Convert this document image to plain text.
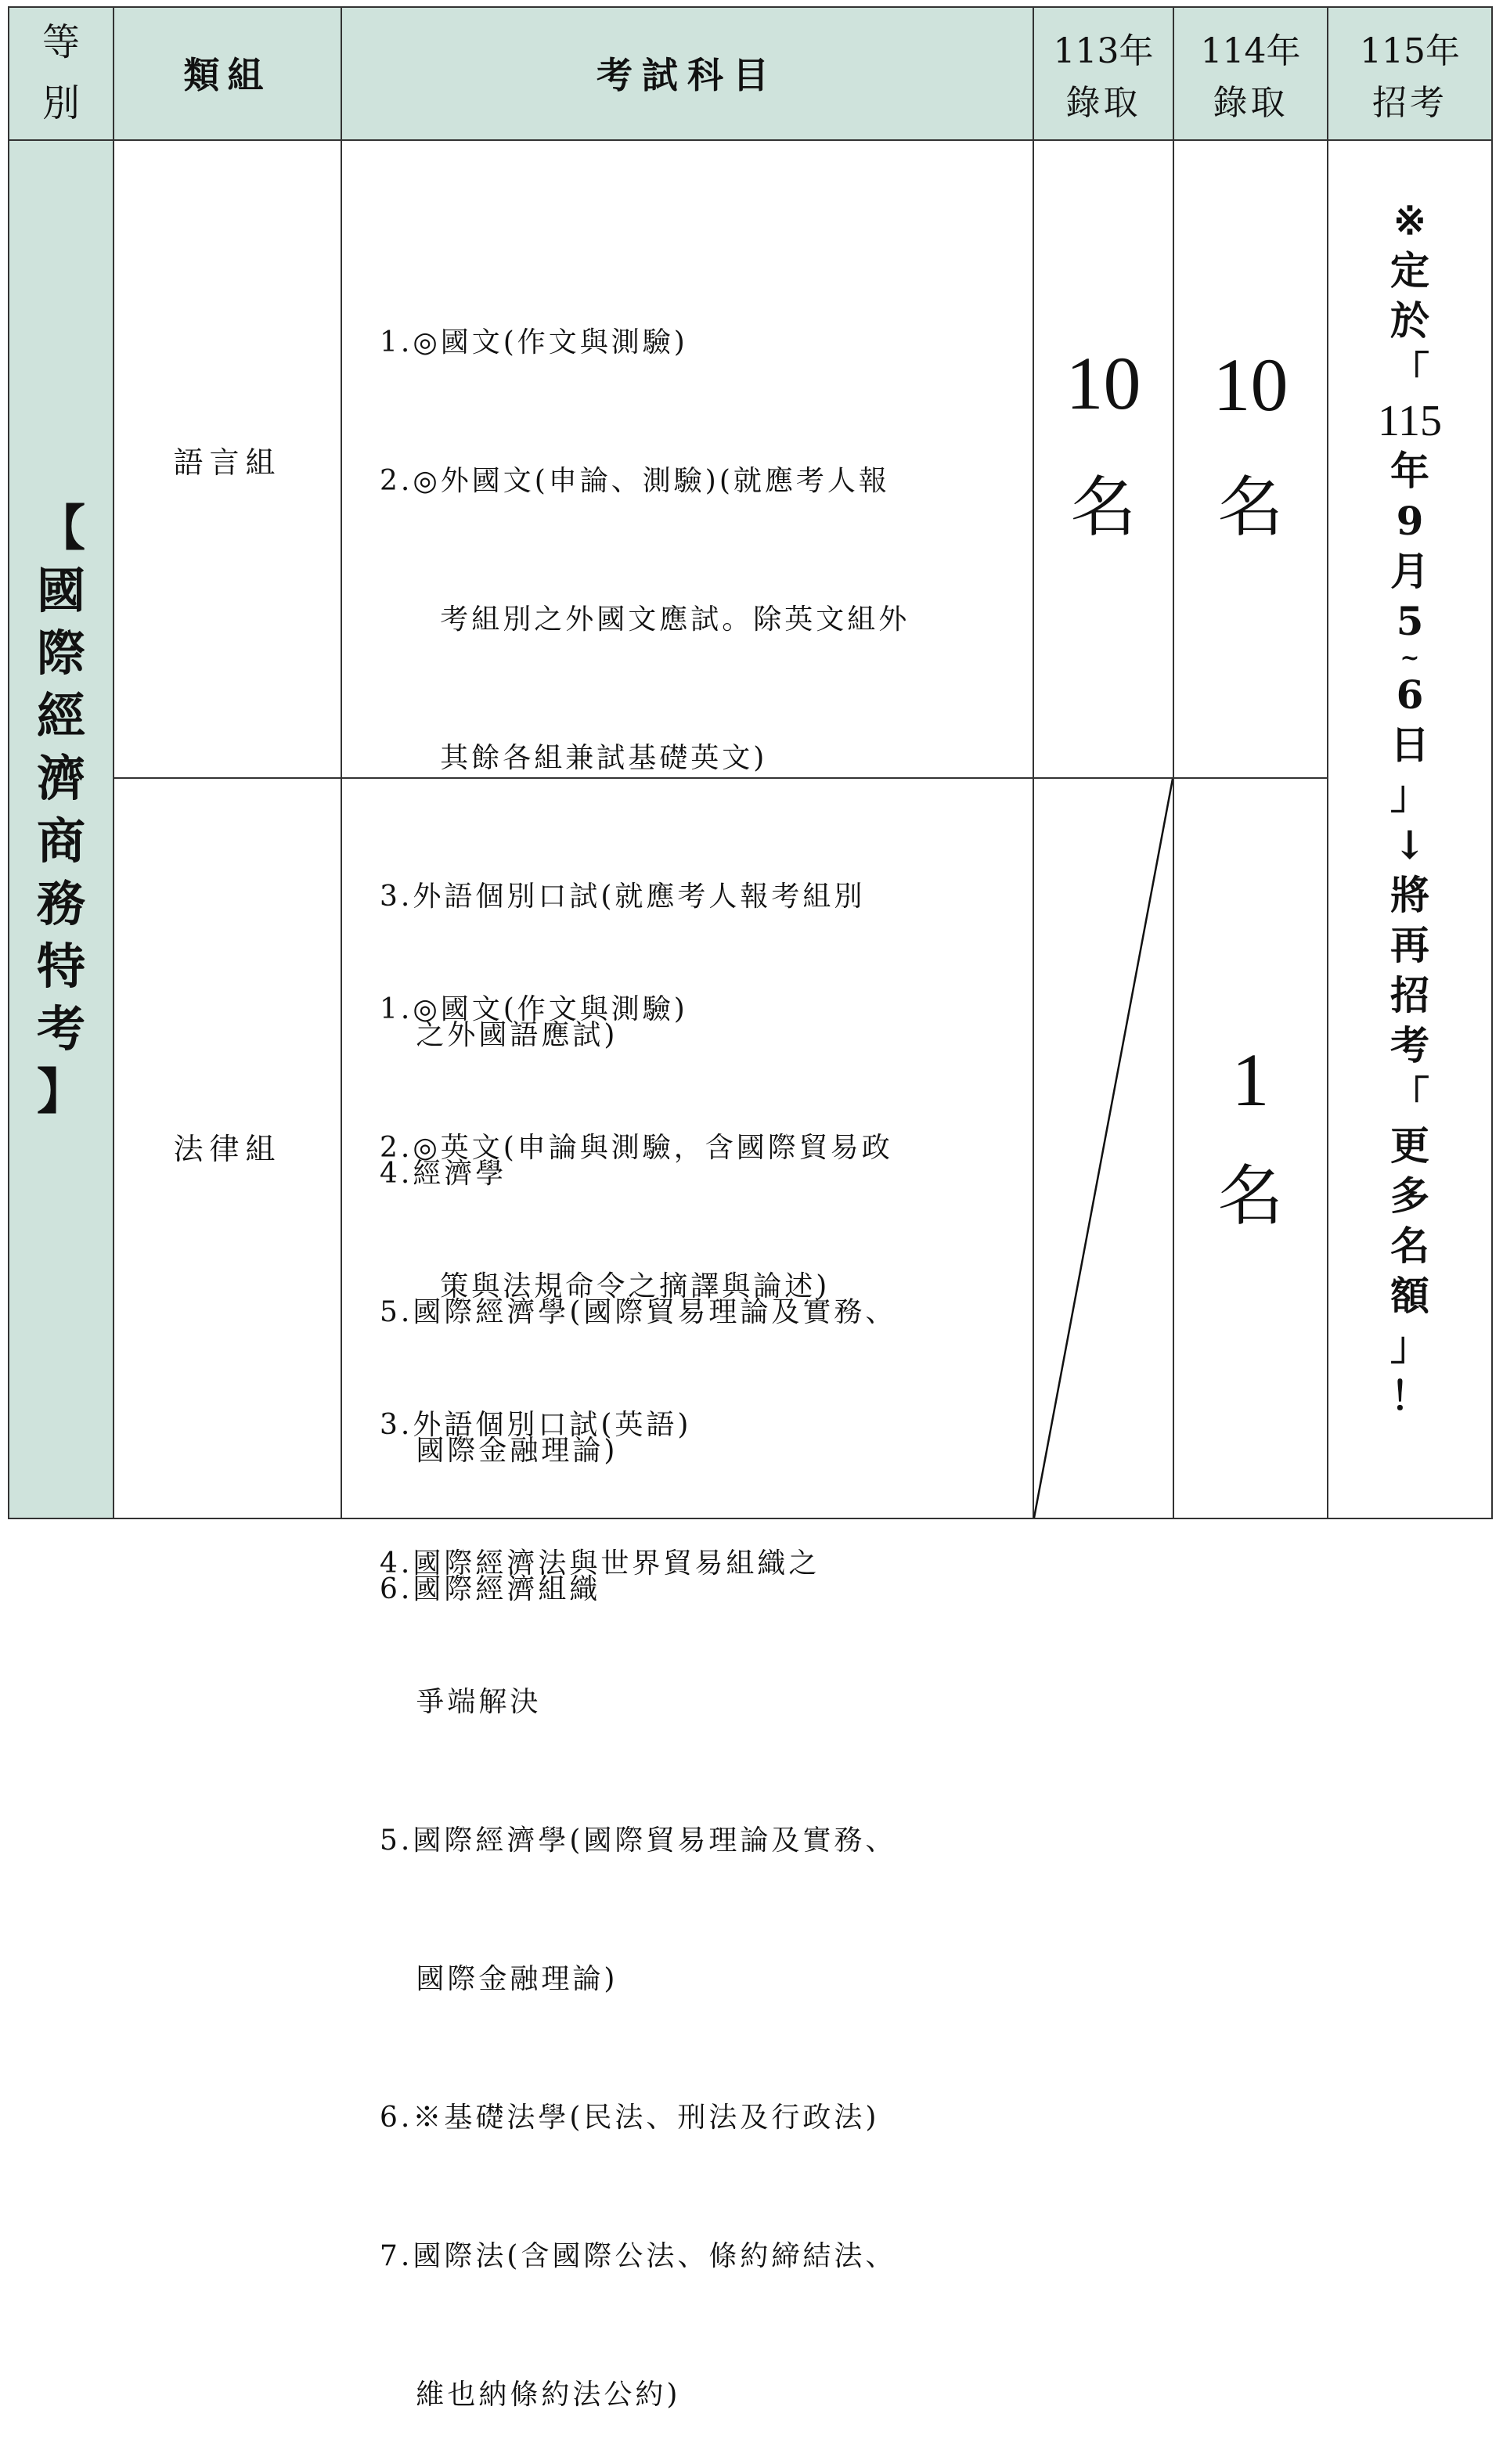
等
別
類組	考試科目
113年
錄取
114年
錄取
115年
招考
【
國
際
經
濟
商
務
特
考
】
語言組

1.◎國文(作文與測驗)

2.◎外國文(申論、測驗)(就應考人報

考組別之外國文應試。除英文組外

其餘各組兼試基礎英文)

3.外語個別口試(就應考人報考組別

之外國語應試)

4.經濟學

5.國際經濟學(國際貿易理論及實務、

國際金融理論)

6.國際經濟組織

10
名
10
名
法律組

1.◎國文(作文與測驗)

2.◎英文(申論與測驗，含國際貿易政

策與法規命令之摘譯與論述)

3.外語個別口試(英語)

4.國際經濟法與世界貿易組織之

爭端解決

5.國際經濟學(國際貿易理論及實務、

國際金融理論)

6.※基礎法學(民法、刑法及行政法)

7.國際法(含國際公法、條約締結法、

維也納條約法公約)

1
名
※
定
於
「
115
年
9
月
5
~
6
日
」
↓
將
再
招
考
「
更
多
名
額
」
！
